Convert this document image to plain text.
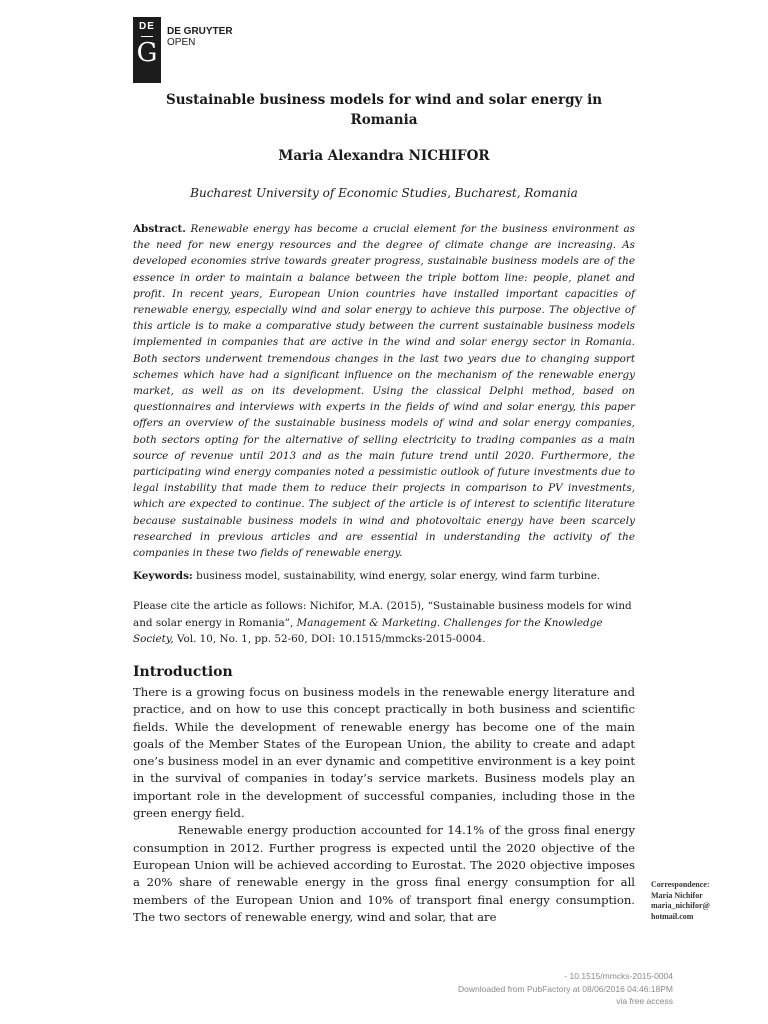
DE
G
DE GRUYTER
OPEN
Sustainable business models for wind and solar energy in Romania
Maria Alexandra NICHIFOR
Bucharest University of Economic Studies, Bucharest, Romania
Abstract. Renewable energy has become a crucial element for the business environment as the need for new energy resources and the degree of climate change are increasing. As developed economies strive towards greater progress, sustainable business models are of the essence in order to maintain a balance between the triple bottom line: people, planet and profit. In recent years, European Union countries have installed important capacities of renewable energy, especially wind and solar energy to achieve this purpose. The objective of this article is to make a comparative study between the current sustainable business models implemented in companies that are active in the wind and solar energy sector in Romania. Both sectors underwent tremendous changes in the last two years due to changing support schemes which have had a significant influence on the mechanism of the renewable energy market, as well as on its development. Using the classical Delphi method, based on questionnaires and interviews with experts in the fields of wind and solar energy, this paper offers an overview of the sustainable business models of wind and solar energy companies, both sectors opting for the alternative of selling electricity to trading companies as a main source of revenue until 2013 and as the main future trend until 2020. Furthermore, the participating wind energy companies noted a pessimistic outlook of future investments due to legal instability that made them to reduce their projects in comparison to PV investments, which are expected to continue. The subject of the article is of interest to scientific literature because sustainable business models in wind and photovoltaic energy have been scarcely researched in previous articles and are essential in understanding the activity of the companies in these two fields of renewable energy.
Keywords: business model, sustainability, wind energy, solar energy, wind farm turbine.
Please cite the article as follows: Nichifor, M.A. (2015), “Sustainable business models for wind and solar energy in Romania”, Management & Marketing. Challenges for the Knowledge Society, Vol. 10, No. 1, pp. 52-60, DOI: 10.1515/mmcks-2015-0004.
Introduction

There is a growing focus on business models in the renewable energy literature and practice, and on how to use this concept practically in both business and scientific fields. While the development of renewable energy has become one of the main goals of the Member States of the European Union, the ability to create and adapt one’s business model in an ever dynamic and competitive environment is a key point in the survival of companies in today’s service markets. Business models play an important role in the development of successful companies, including those in the green energy field.

Renewable energy production accounted for 14.1% of the gross final energy consumption in 2012. Further progress is expected until the 2020 objective of the European Union will be achieved according to Eurostat. The 2020 objective imposes a 20% share of renewable energy in the gross final energy consumption for all members of the European Union and 10% of transport final energy consumption. The two sectors of renewable energy, wind and solar, that are

Correspondence:
Maria Nichifor
maria_nichifor@
hotmail.com
- 10.1515/mmcks-2015-0004
Downloaded from PubFactory at 08/06/2016 04:46:18PM
via free access
